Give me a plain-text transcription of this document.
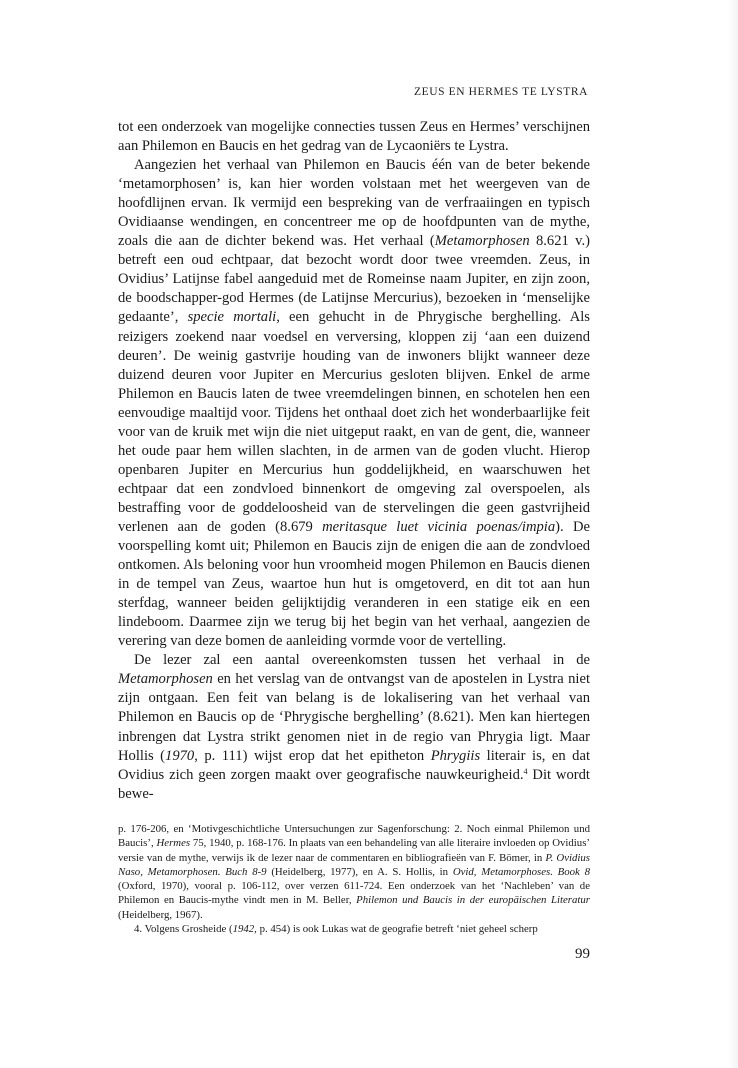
ZEUS EN HERMES TE LYSTRA

tot een onderzoek van mogelijke connecties tussen Zeus en Hermes’ verschijnen aan Philemon en Baucis en het gedrag van de Lycaoniërs te Lystra.

Aangezien het verhaal van Philemon en Baucis één van de beter bekende ‘metamorphosen’ is, kan hier worden volstaan met het weergeven van de hoofdlijnen ervan. Ik vermijd een bespreking van de verfraaiingen en typisch Ovidiaanse wendingen, en concentreer me op de hoofdpunten van de mythe, zoals die aan de dichter bekend was. Het verhaal (Metamorphosen 8.621 v.) betreft een oud echtpaar, dat bezocht wordt door twee vreemden. Zeus, in Ovidius’ Latijnse fabel aangeduid met de Romeinse naam Jupiter, en zijn zoon, de boodschapper-god Hermes (de Latijnse Mercurius), bezoeken in ‘menselijke gedaante’, specie mortali, een gehucht in de Phrygische berghelling. Als reizigers zoekend naar voedsel en verversing, kloppen zij ‘aan een duizend deuren’. De weinig gastvrije houding van de inwoners blijkt wanneer deze duizend deuren voor Jupiter en Mercurius gesloten blijven. Enkel de arme Philemon en Baucis laten de twee vreemdelingen binnen, en schotelen hen een eenvoudige maaltijd voor. Tijdens het onthaal doet zich het wonderbaarlijke feit voor van de kruik met wijn die niet uitgeput raakt, en van de gent, die, wanneer het oude paar hem willen slachten, in de armen van de goden vlucht. Hierop openbaren Jupiter en Mercurius hun goddelijkheid, en waarschuwen het echtpaar dat een zondvloed binnenkort de omgeving zal overspoelen, als bestraffing voor de goddeloosheid van de stervelingen die geen gastvrijheid verlenen aan de goden (8.679 meritasque luet vicinia poenas/impia). De voorspelling komt uit; Philemon en Baucis zijn de enigen die aan de zondvloed ontkomen. Als beloning voor hun vroomheid mogen Philemon en Baucis dienen in de tempel van Zeus, waartoe hun hut is omgetoverd, en dit tot aan hun sterfdag, wanneer beiden gelijktijdig veranderen in een statige eik en een lindeboom. Daarmee zijn we terug bij het begin van het verhaal, aangezien de verering van deze bomen de aanleiding vormde voor de vertelling.

De lezer zal een aantal overeenkomsten tussen het verhaal in de Metamorphosen en het verslag van de ontvangst van de apostelen in Lystra niet zijn ontgaan. Een feit van belang is de lokalisering van het verhaal van Philemon en Baucis op de ‘Phrygische berghelling’ (8.621). Men kan hiertegen inbrengen dat Lystra strikt genomen niet in de regio van Phrygia ligt. Maar Hollis (1970, p. 111) wijst erop dat het epitheton Phrygiis literair is, en dat Ovidius zich geen zorgen maakt over geografische nauwkeurigheid.$^4$ Dit wordt bewe-

p. 176-206, en ‘Motivgeschichtliche Untersuchungen zur Sagenforschung: 2. Noch einmal Philemon und Baucis’, Hermes 75, 1940, p. 168-176. In plaats van een behandeling van alle literaire invloeden op Ovidius’ versie van de mythe, verwijs ik de lezer naar de commentaren en bibliografieën van F. Bömer, in P. Ovidius Naso, Metamorphosen. Buch 8-9 (Heidelberg, 1977), en A. S. Hollis, in Ovid, Metamorphoses. Book 8 (Oxford, 1970), vooral p. 106-112, over verzen 611-724. Een onderzoek van het ‘Nachleben’ van de Philemon en Baucis-mythe vindt men in M. Beller, Philemon und Baucis in der europäischen Literatur (Heidelberg, 1967).

4. Volgens Grosheide (1942, p. 454) is ook Lukas wat de geografie betreft ‘niet geheel scherp

99
